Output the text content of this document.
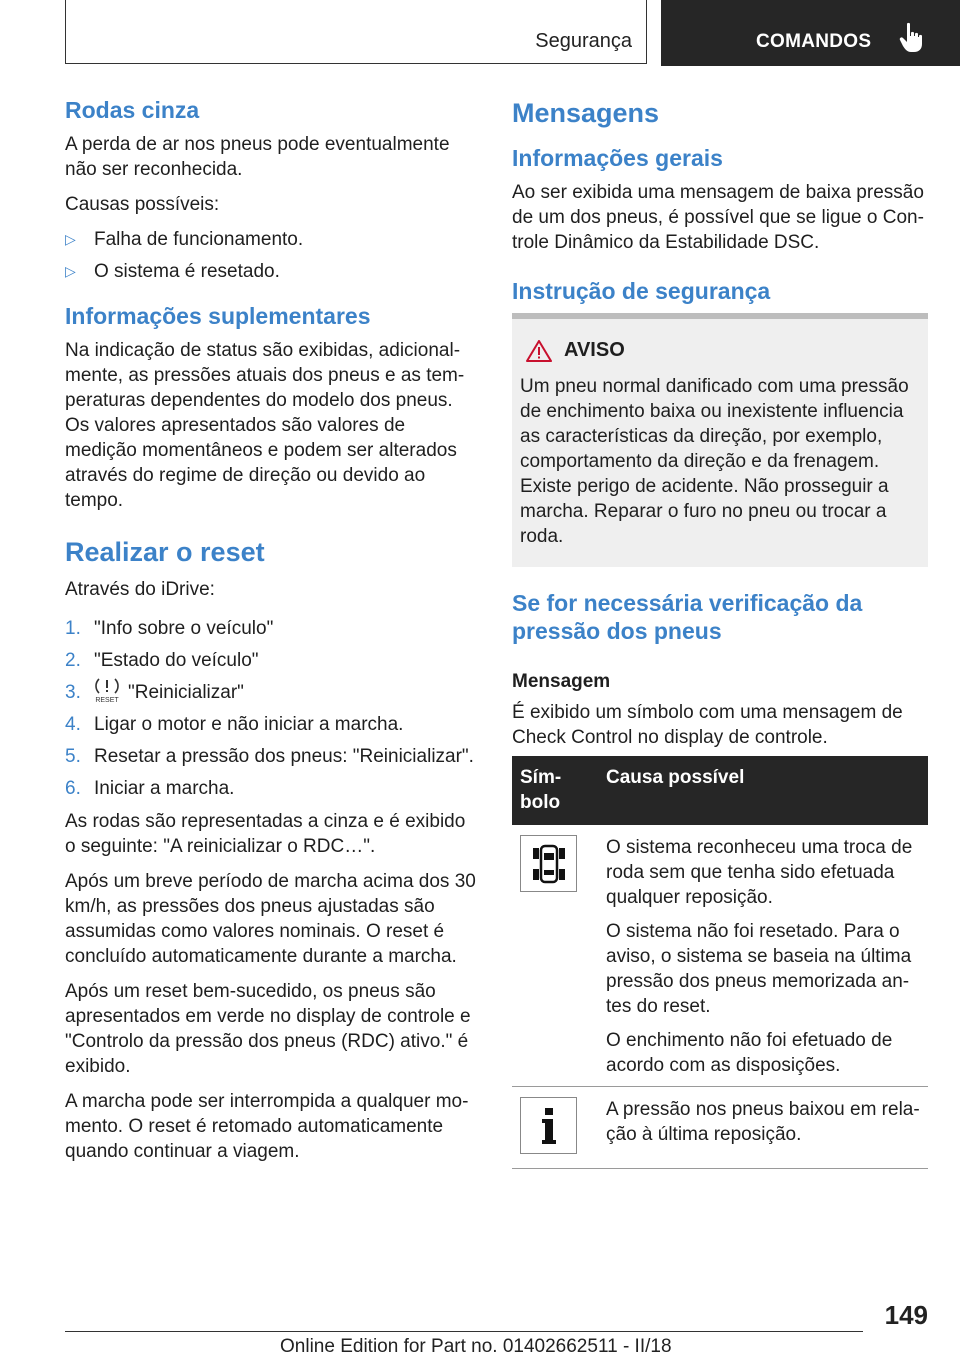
Segurança	COMANDOS
Rodas cinza

A perda de ar nos pneus pode eventualmente não ser reconhecida.

Causas possíveis:

▷ Falha de funcionamento.
▷ O sistema é resetado.
Informações suplementares

Na indicação de status são exibidas, adicionalmente, as pressões atuais dos pneus e as temperaturas dependentes do modelo dos pneus. Os valores apresentados são valores de medição momentâneos e podem ser alterados através do regime de direção ou devido ao tempo.

Realizar o reset

Através do iDrive:

1. "Info sobre o veículo"
2. "Estado do veículo"
3. RESET "Reinicializar"
4. Ligar o motor e não iniciar a marcha.
5. Resetar a pressão dos pneus: "Reinicializar".
6. Iniciar a marcha.

As rodas são representadas a cinza e é exibido o seguinte: "A reinicializar o RDC…".

Após um breve período de marcha acima dos 30 km/h, as pressões dos pneus ajustadas são assumidas como valores nominais. O reset é concluído automaticamente durante a marcha.

Após um reset bem-sucedido, os pneus são apresentados em verde no display de controle e "Controlo da pressão dos pneus (RDC) ativo." é exibido.

A marcha pode ser interrompida a qualquer momento. O reset é retomado automaticamente quando continuar a viagem.

Mensagens
Informações gerais

Ao ser exibida uma mensagem de baixa pressão de um dos pneus, é possível que se ligue o Controle Dinâmico da Estabilidade DSC.

Instrução de segurança
AVISO

Um pneu normal danificado com uma pressão de enchimento baixa ou inexistente influencia as características da direção, por exemplo, comportamento da direção e da frenagem. Existe perigo de acidente. Não prosseguir a marcha. Reparar o furo no pneu ou trocar a roda.

Se for necessária verificação da pressão dos pneus
Mensagem

É exibido um símbolo com uma mensagem de Check Control no display de controle.

Símbolo	Causa possível

O sistema reconheceu uma troca de roda sem que tenha sido efetuada qualquer reposição.

O sistema não foi resetado. Para o aviso, o sistema se baseia na última pressão dos pneus memorizada antes do reset.

O enchimento não foi efetuado de acordo com as disposições.

A pressão nos pneus baixou em relação à última reposição.

149
Online Edition for Part no. 01402662511 - II/18
